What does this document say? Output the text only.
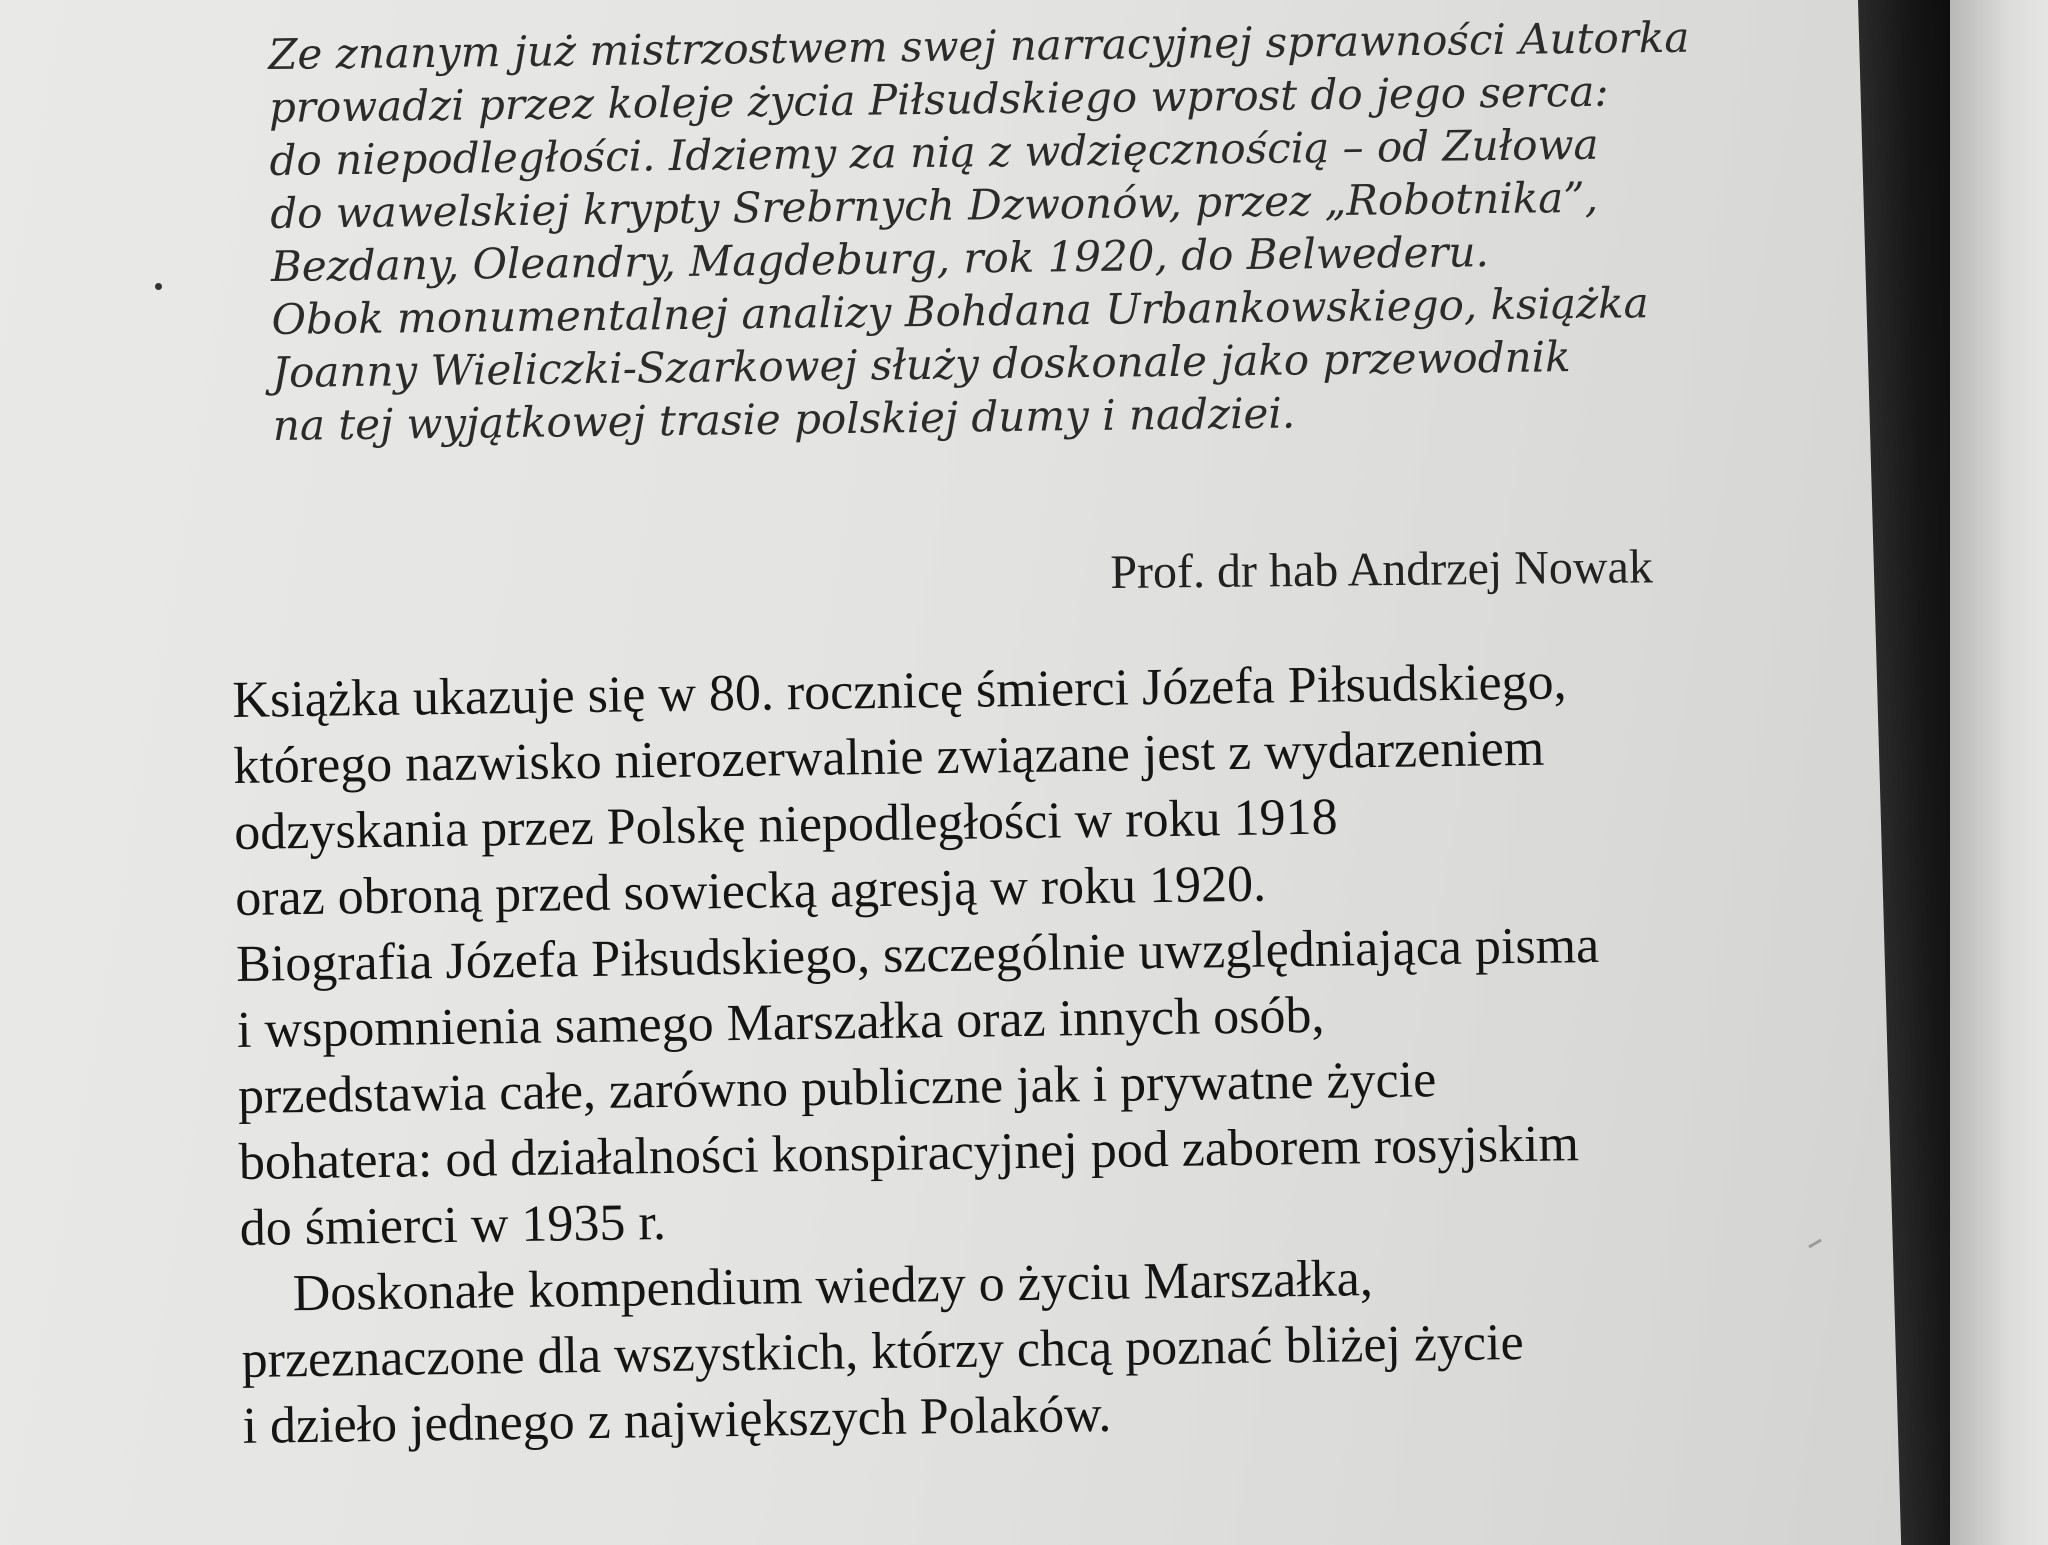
Ze znanym już mistrzostwem swej narracyjnej sprawności Autorka
prowadzi przez koleje życia Piłsudskiego wprost do jego serca:
do niepodległości. Idziemy za nią z wdzięcznością – od Zułowa
do wawelskiej krypty Srebrnych Dzwonów, przez „Robotnika”,
Bezdany, Oleandry, Magdeburg, rok 1920, do Belwederu.
Obok monumentalnej analizy Bohdana Urbankowskiego, książka
Joanny Wieliczki-Szarkowej służy doskonale jako przewodnik
na tej wyjątkowej trasie polskiej dumy i nadziei.
Prof. dr hab Andrzej Nowak
Książka ukazuje się w 80. rocznicę śmierci Józefa Piłsudskiego,
którego nazwisko nierozerwalnie związane jest z wydarzeniem
odzyskania przez Polskę niepodległości w roku 1918
oraz obroną przed sowiecką agresją w roku 1920.
Biografia Józefa Piłsudskiego, szczególnie uwzględniająca pisma
i wspomnienia samego Marszałka oraz innych osób,
przedstawia całe, zarówno publiczne jak i prywatne życie
bohatera: od działalności konspiracyjnej pod zaborem rosyjskim
do śmierci w 1935 r.
Doskonałe kompendium wiedzy o życiu Marszałka,
przeznaczone dla wszystkich, którzy chcą poznać bliżej życie
i dzieło jednego z największych Polaków.
